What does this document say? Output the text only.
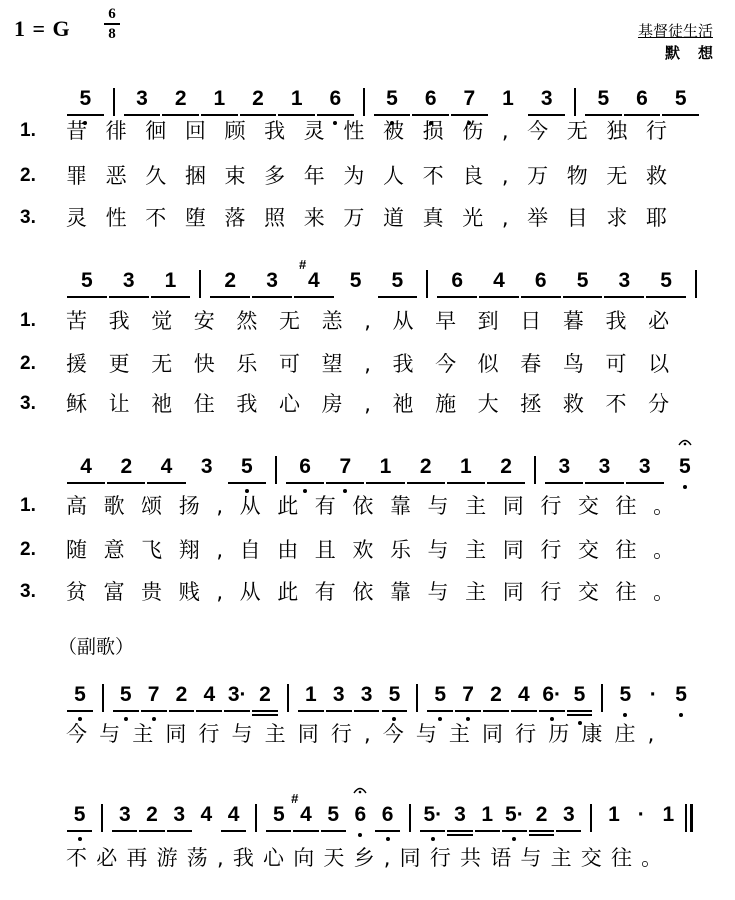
1 = G
6
8	基督徒生活
默想
5	3	2	1	2	1	6	5	6	7	1	3	5	6	5
1.	昔徘徊回顾我灵性被损伤,今无独行
2.	罪恶久捆束多年为人不良,万物无救
3.	灵性不堕落照来万道真光,举目求耶
5	3	1	2	3	4
#
5	5	6	4	6	5	3	5
1.	苦我觉安然无恙,从早到日暮我必
2.	援更无快乐可望,我今似春鸟可以
3.	稣让祂住我心房,祂施大拯救不分
4	2	4	3	5	6	7	1	2	1	2	3	3	3	5
1.	高歌颂扬,从此有依靠与主同行交往。
2.	随意飞翔,自由且欢乐与主同行交往。
3.	贫富贵贱,从此有依靠与主同行交往。
5	5 7 2 4 3· 2	1 3 3 5	5 7 2 4 6· 5	5 · 5
今与主同行与主同行,今与主同行历康庄,
5	3 2 3 4 4	5 4
#
5 6 6	5· 3 1 5· 2 3	1 · 1
不必再游荡,我心向天乡,同行共语与主交往。
（副歌）
